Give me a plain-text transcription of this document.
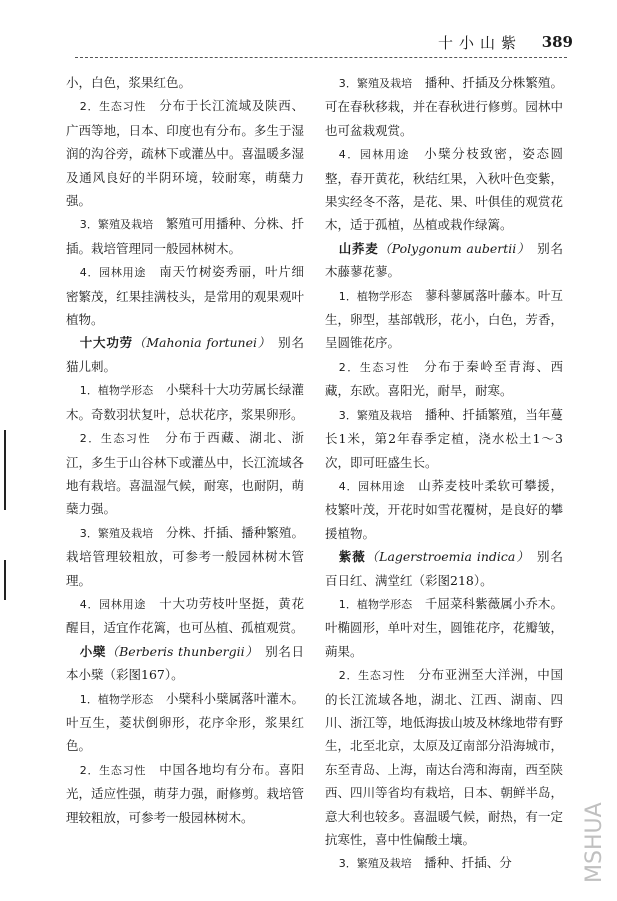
十小山紫 389

小，白色，浆果红色。

2．生态习性　 分布于长江流域及陕西、广西等地，日本、印度也有分布。多生于湿润的沟谷旁，疏林下或灌丛中。喜温暖多湿及通风良好的半阴环境，较耐寒，萌蘖力强。

3．繁殖及栽培　 繁殖可用播种、分株、扦插。栽培管理同一般园林树木。

4．园林用途　 南天竹树姿秀丽，叶片细密繁茂，红果挂满枝头，是常用的观果观叶植物。

十大功劳（Mahonia fortunei）　 别名猫儿刺。

1．植物学形态　 小檗科十大功劳属长绿灌木。奇数羽状复叶，总状花序，浆果卵形。

2．生态习性　 分布于西藏、湖北、浙江，多生于山谷林下或灌丛中，长江流域各地有栽培。喜温湿气候，耐寒，也耐阴，萌蘖力强。

3．繁殖及栽培　 分株、扦插、播种繁殖。栽培管理较粗放，可参考一般园林树木管理。

4．园林用途　 十大功劳枝叶坚挺，黄花醒目，适宜作花篱，也可丛植、孤植观赏。

小檗（Berberis thunbergii）　 别名日本小檗（彩图167）。

1．植物学形态　 小檗科小檗属落叶灌木。叶互生，菱状倒卵形，花序伞形，浆果红色。

2．生态习性　 中国各地均有分布。喜阳光，适应性强，萌芽力强，耐修剪。栽培管理较粗放，可参考一般园林树木。

3．繁殖及栽培　 播种、扦插及分株繁殖。可在春秋移栽，并在春秋进行修剪。园林中也可盆栽观赏。

4．园林用途　 小檗分枝致密，姿态圆整，春开黄花，秋结红果，入秋叶色变紫，果实经冬不落，是花、果、叶俱佳的观赏花木，适于孤植，丛植或栽作绿篱。

山荞麦（Polygonum aubertii）　 别名木藤蓼花蓼。

1．植物学形态　 蓼科蓼属落叶藤本。叶互生，卵型，基部戟形，花小，白色，芳香，呈圆锥花序。

2．生态习性　 分布于秦岭至青海、西藏，东欧。喜阳光，耐旱，耐寒。

3．繁殖及栽培　 播种、扦插繁殖，当年蔓长1米，第2年春季定植，浇水松土1～3次，即可旺盛生长。

4．园林用途　 山荞麦枝叶柔软可攀援，枝繁叶茂，开花时如雪花覆树，是良好的攀援植物。

紫薇（Lagerstroemia indica）　 别名百日红、满堂红（彩图218）。

1．植物学形态　 千屈菜科紫薇属小乔木。叶椭圆形，单叶对生，圆锥花序，花瓣皱，蒴果。

2．生态习性　 分布亚洲至大洋洲，中国的长江流域各地，湖北、江西、湖南、四川、浙江等，地低海拔山坡及林缘地带有野生，北至北京，太原及辽南部分沿海城市，东至青岛、上海，南达台湾和海南，西至陕西、四川等省均有栽培，日本、朝鲜半岛，意大利也较多。喜温暖气候，耐热，有一定抗寒性，喜中性偏酸土壤。

3．繁殖及栽培　 播种、扦插、分	MSHUA
